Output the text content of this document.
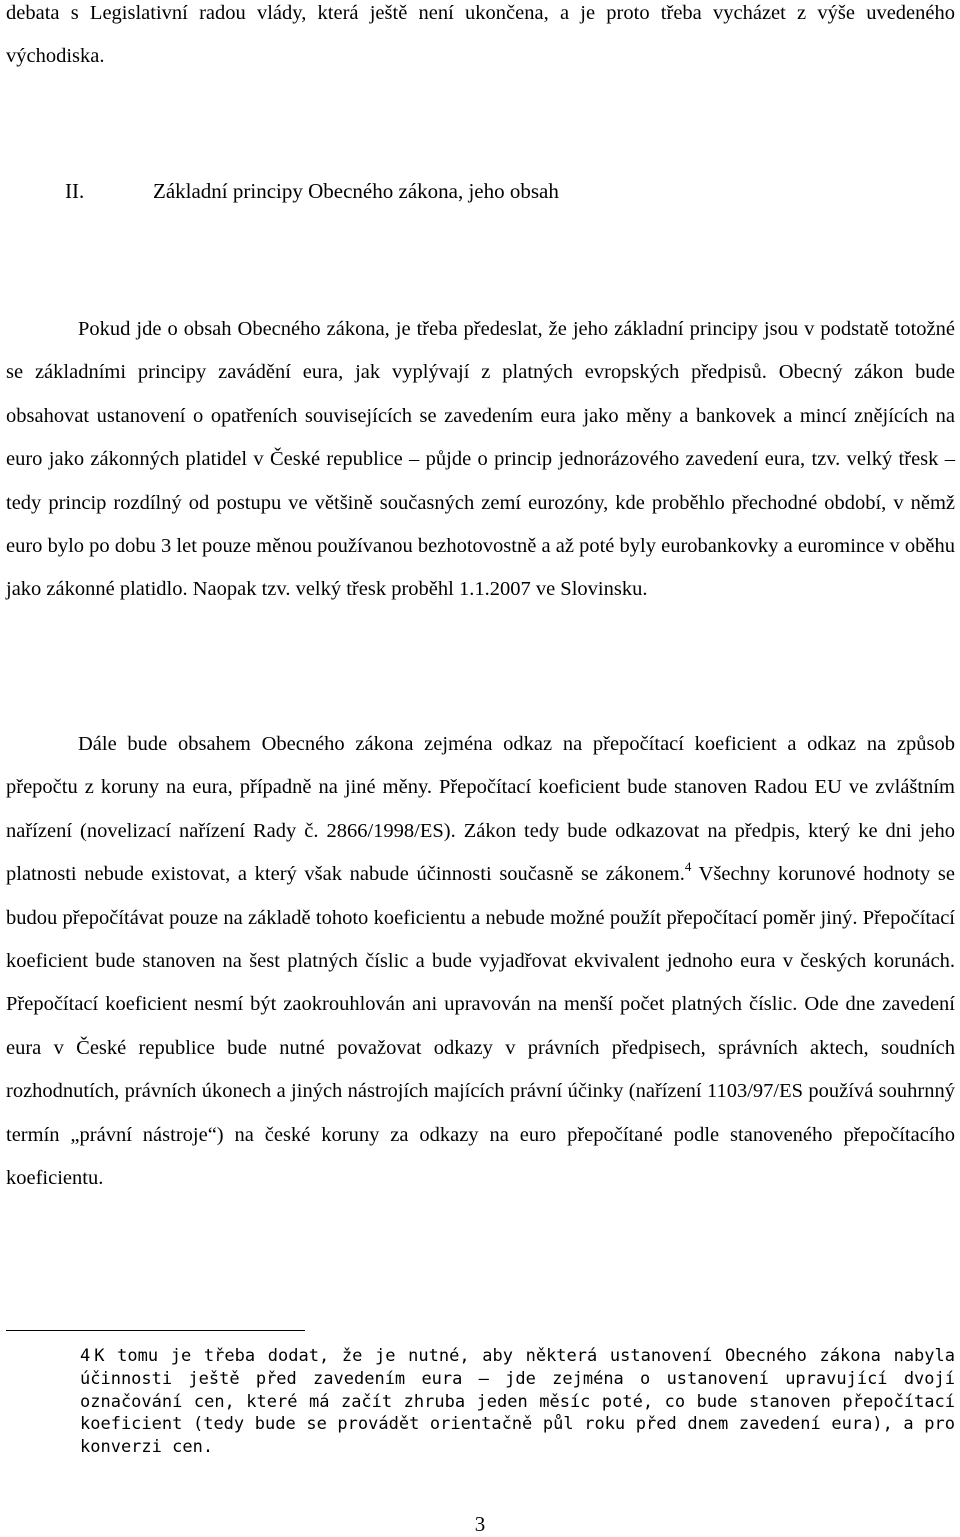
debata s Legislativní radou vlády, která ještě není ukončena, a je proto třeba vycházet z výše uvedeného východiska.

II.	Základní principy Obecného zákona, jeho obsah

Pokud jde o obsah Obecného zákona, je třeba předeslat, že jeho základní principy jsou v podstatě totožné se základními principy zavádění eura, jak vyplývají z platných evropských předpisů. Obecný zákon bude obsahovat ustanovení o opatřeních souvisejících se zavedením eura jako měny a bankovek a mincí znějících na euro jako zákonných platidel v České republice – půjde o princip jednorázového zavedení eura, tzv. velký třesk – tedy princip rozdílný od postupu ve většině současných zemí eurozóny, kde proběhlo přechodné období, v němž euro bylo po dobu 3 let pouze měnou používanou bezhotovostně a až poté byly eurobankovky a euromince v oběhu jako zákonné platidlo. Naopak tzv. velký třesk proběhl 1.1.2007 ve Slovinsku.

Dále bude obsahem Obecného zákona zejména odkaz na přepočítací koeficient a odkaz na způsob přepočtu z koruny na eura, případně na jiné měny. Přepočítací koeficient bude stanoven Radou EU ve zvláštním nařízení (novelizací nařízení Rady č. 2866/1998/ES). Zákon tedy bude odkazovat na předpis, který ke dni jeho platnosti nebude existovat, a který však nabude účinnosti současně se zákonem.$^4$ Všechny korunové hodnoty se budou přepočítávat pouze na základě tohoto koeficientu a nebude možné použít přepočítací poměr jiný. Přepočítací koeficient bude stanoven na šest platných číslic a bude vyjadřovat ekvivalent jednoho eura v českých korunách. Přepočítací koeficient nesmí být zaokrouhlován ani upravován na menší počet platných číslic. Ode dne zavedení eura v České republice bude nutné považovat odkazy v právních předpisech, správních aktech, soudních rozhodnutích, právních úkonech a jiných nástrojích majících právní účinky (nařízení 1103/97/ES používá souhrnný termín „právní nástroje“) na české koruny za odkazy na euro přepočítané podle stanoveného přepočítacího koeficientu.

4 K tomu je třeba dodat, že je nutné, aby některá ustanovení Obecného zákona nabyla účinnosti ještě před zavedením eura – jde zejména o ustanovení upravující dvojí označování cen, které má začít zhruba jeden měsíc poté, co bude stanoven přepočítací koeficient (tedy bude se provádět orientačně půl roku před dnem zavedení eura), a pro konverzi cen.
3
